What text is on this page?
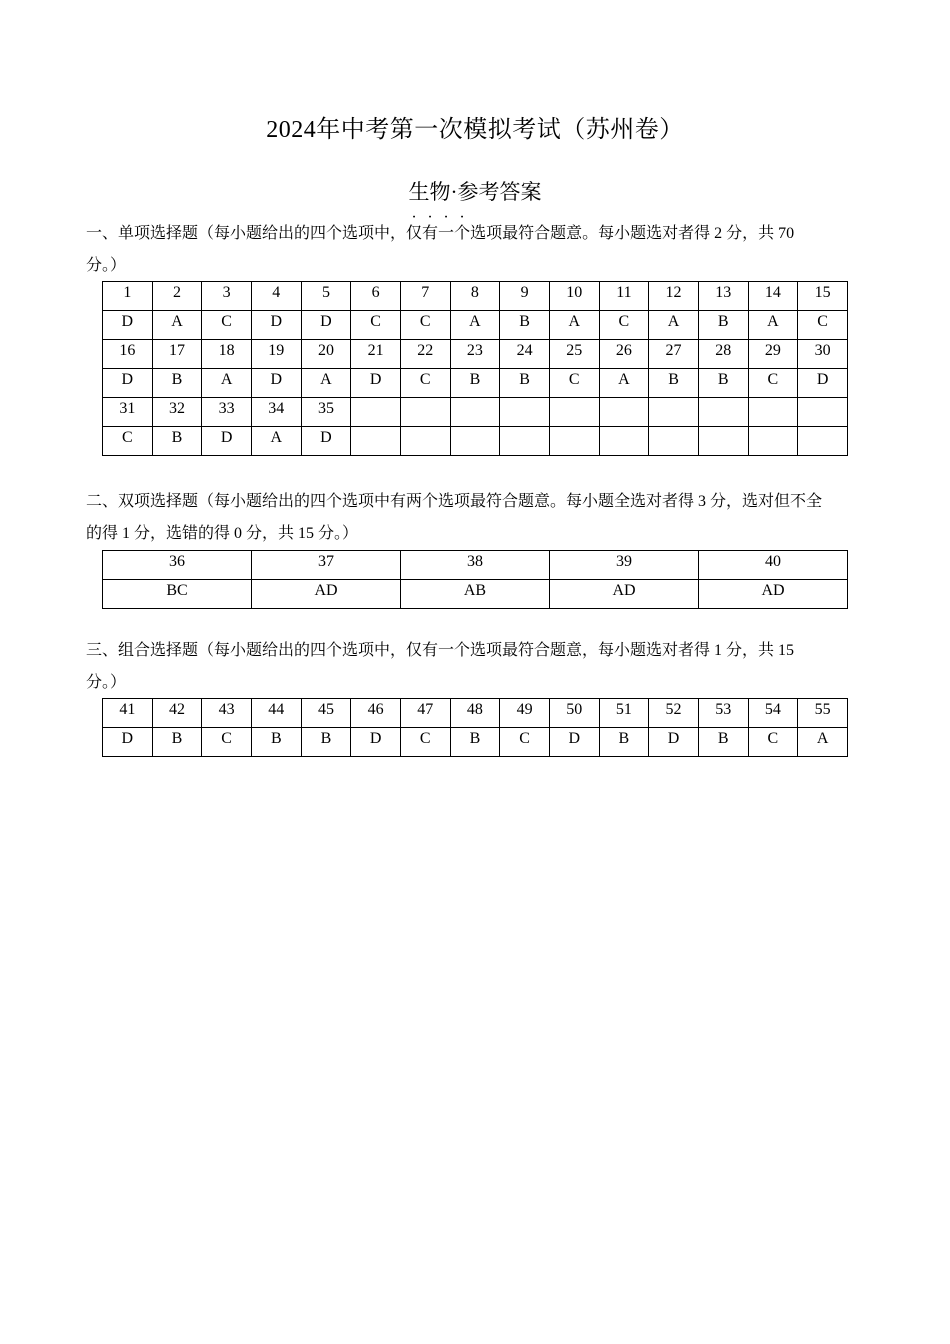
2024年中考第一次模拟考试（苏州卷）
生物·参考答案
一、单项选择题（每小题给出的四个选项中，仅有一个选项最符合题意。每小题选对者得 2 分，共 70
分。）
1	2	3	4	5	6	7	8	9	10	11	12	13	14	15
D	A	C	D	D	C	C	A	B	A	C	A	B	A	C
16	17	18	19	20	21	22	23	24	25	26	27	28	29	30
D	B	A	D	A	D	C	B	B	C	A	B	B	C	D
31	32	33	34	35										
C	B	D	A	D										
二、双项选择题（每小题给出的四个选项中有两个选项最符合题意。每小题全选对者得 3 分，选对但不全
的得 1 分，选错的得 0 分，共 15 分。）
36	37	38	39	40
BC	AD	AB	AD	AD
三、组合选择题（每小题给出的四个选项中，仅有一个选项最符合题意，每小题选对者得 1 分，共 15
分。）
41	42	43	44	45	46	47	48	49	50	51	52	53	54	55
D	B	C	B	B	D	C	B	C	D	B	D	B	C	A
